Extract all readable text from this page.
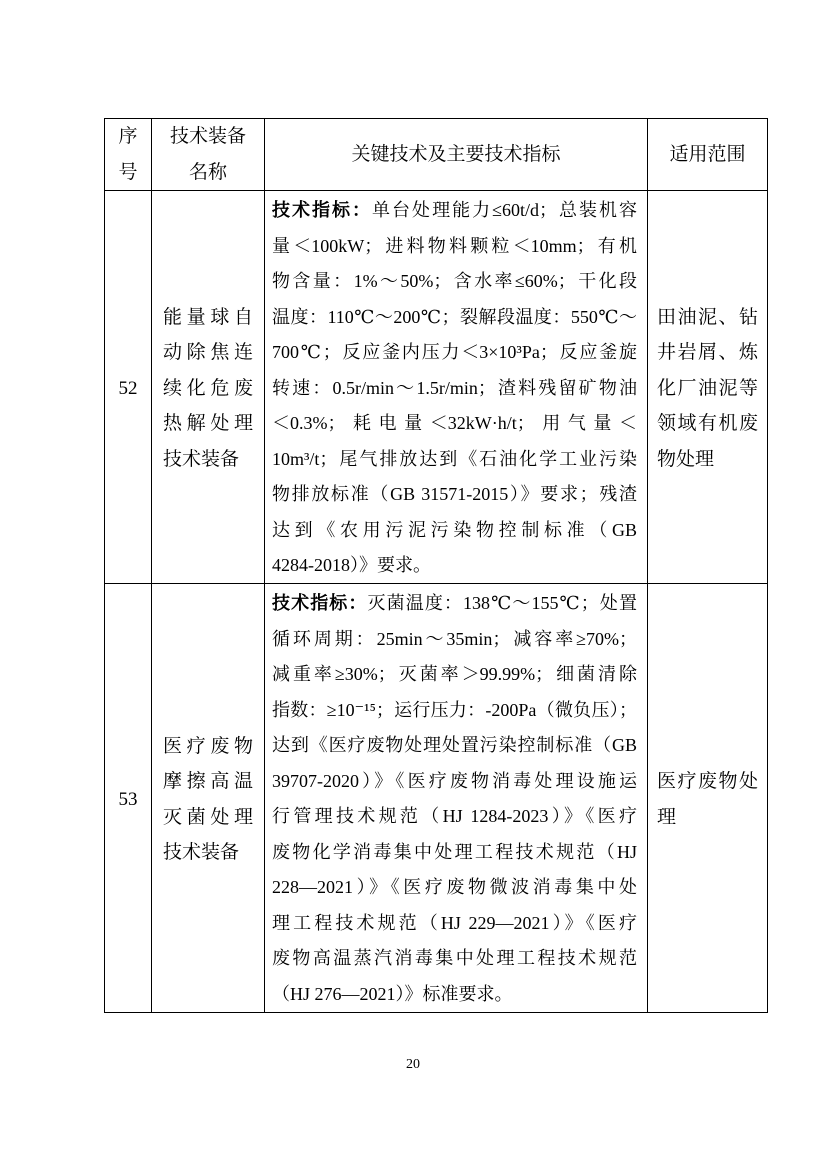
序
号
技术装备
名称
关键技术及主要技术指标	适用范围
52
能量球自
动除焦连
续化危废
热解处理
技术装备
技术指标：单台处理能力≤60t/d；总装机容
量＜100kW；进料物料颗粒＜10mm；有机
物含量：1%～50%；含水率≤60%；干化段
温度：110℃～200℃；裂解段温度：550℃～
700℃；反应釜内压力＜3×10³Pa；反应釜旋
转速：0.5r/min～1.5r/min；渣料残留矿物油
＜0.3%；耗电量＜32kW·h/t；用气量＜
10m³/t；尾气排放达到《石油化学工业污染
物排放标准（GB 31571-2015）》要求；残渣
达到《农用污泥污染物控制标准（GB
4284-2018）》要求。
田油泥、钻
井岩屑、炼
化厂油泥等
领域有机废
物处理
53
医疗废物
摩擦高温
灭菌处理
技术装备
技术指标：灭菌温度：138℃～155℃；处置
循环周期：25min～35min；减容率≥70%；
减重率≥30%；灭菌率＞99.99%；细菌清除
指数：≥10⁻¹⁵；运行压力：-200Pa（微负压）；
达到《医疗废物处理处置污染控制标准（GB
39707-2020）》《医疗废物消毒处理设施运
行管理技术规范（HJ 1284-2023）》《医疗
废物化学消毒集中处理工程技术规范（HJ
228—2021）》《医疗废物微波消毒集中处
理工程技术规范（HJ 229—2021）》《医疗
废物高温蒸汽消毒集中处理工程技术规范
（HJ 276—2021）》标准要求。
医疗废物处
理
20
